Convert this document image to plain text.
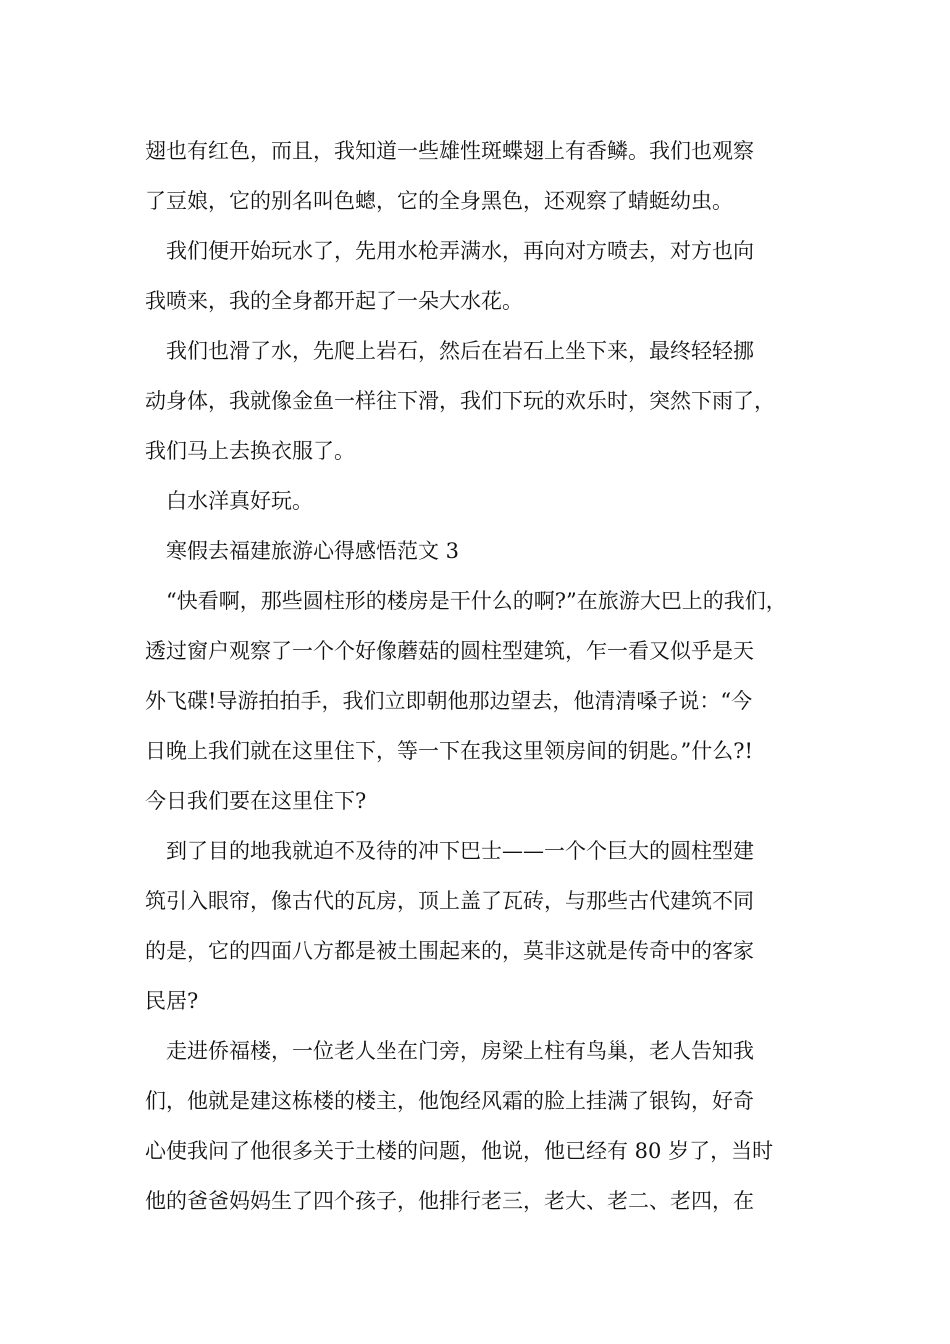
翅也有红色，而且，我知道一些雄性斑蝶翅上有香鳞。我们也观察

了豆娘，它的别名叫色蟌，它的全身黑色，还观察了蜻蜓幼虫。

我们便开始玩水了，先用水枪弄满水，再向对方喷去，对方也向

我喷来，我的全身都开起了一朵大水花。

我们也滑了水，先爬上岩石，然后在岩石上坐下来，最终轻轻挪

动身体，我就像金鱼一样往下滑，我们下玩的欢乐时，突然下雨了，

我们马上去换衣服了。

白水洋真好玩。

寒假去福建旅游心得感悟范文 3

“快看啊，那些圆柱形的楼房是干什么的啊?”在旅游大巴上的我们，

透过窗户观察了一个个好像蘑菇的圆柱型建筑，乍一看又似乎是天

外飞碟!导游拍拍手，我们立即朝他那边望去，他清清嗓子说：“今

日晚上我们就在这里住下，等一下在我这里领房间的钥匙。”什么?!

今日我们要在这里住下?

到了目的地我就迫不及待的冲下巴士——一个个巨大的圆柱型建

筑引入眼帘，像古代的瓦房，顶上盖了瓦砖，与那些古代建筑不同

的是，它的四面八方都是被土围起来的，莫非这就是传奇中的客家

民居?

走进侨福楼，一位老人坐在门旁，房梁上柱有鸟巢，老人告知我

们，他就是建这栋楼的楼主，他饱经风霜的脸上挂满了银钩，好奇

心使我问了他很多关于土楼的问题，他说，他已经有 80 岁了，当时

他的爸爸妈妈生了四个孩子，他排行老三，老大、老二、老四，在
